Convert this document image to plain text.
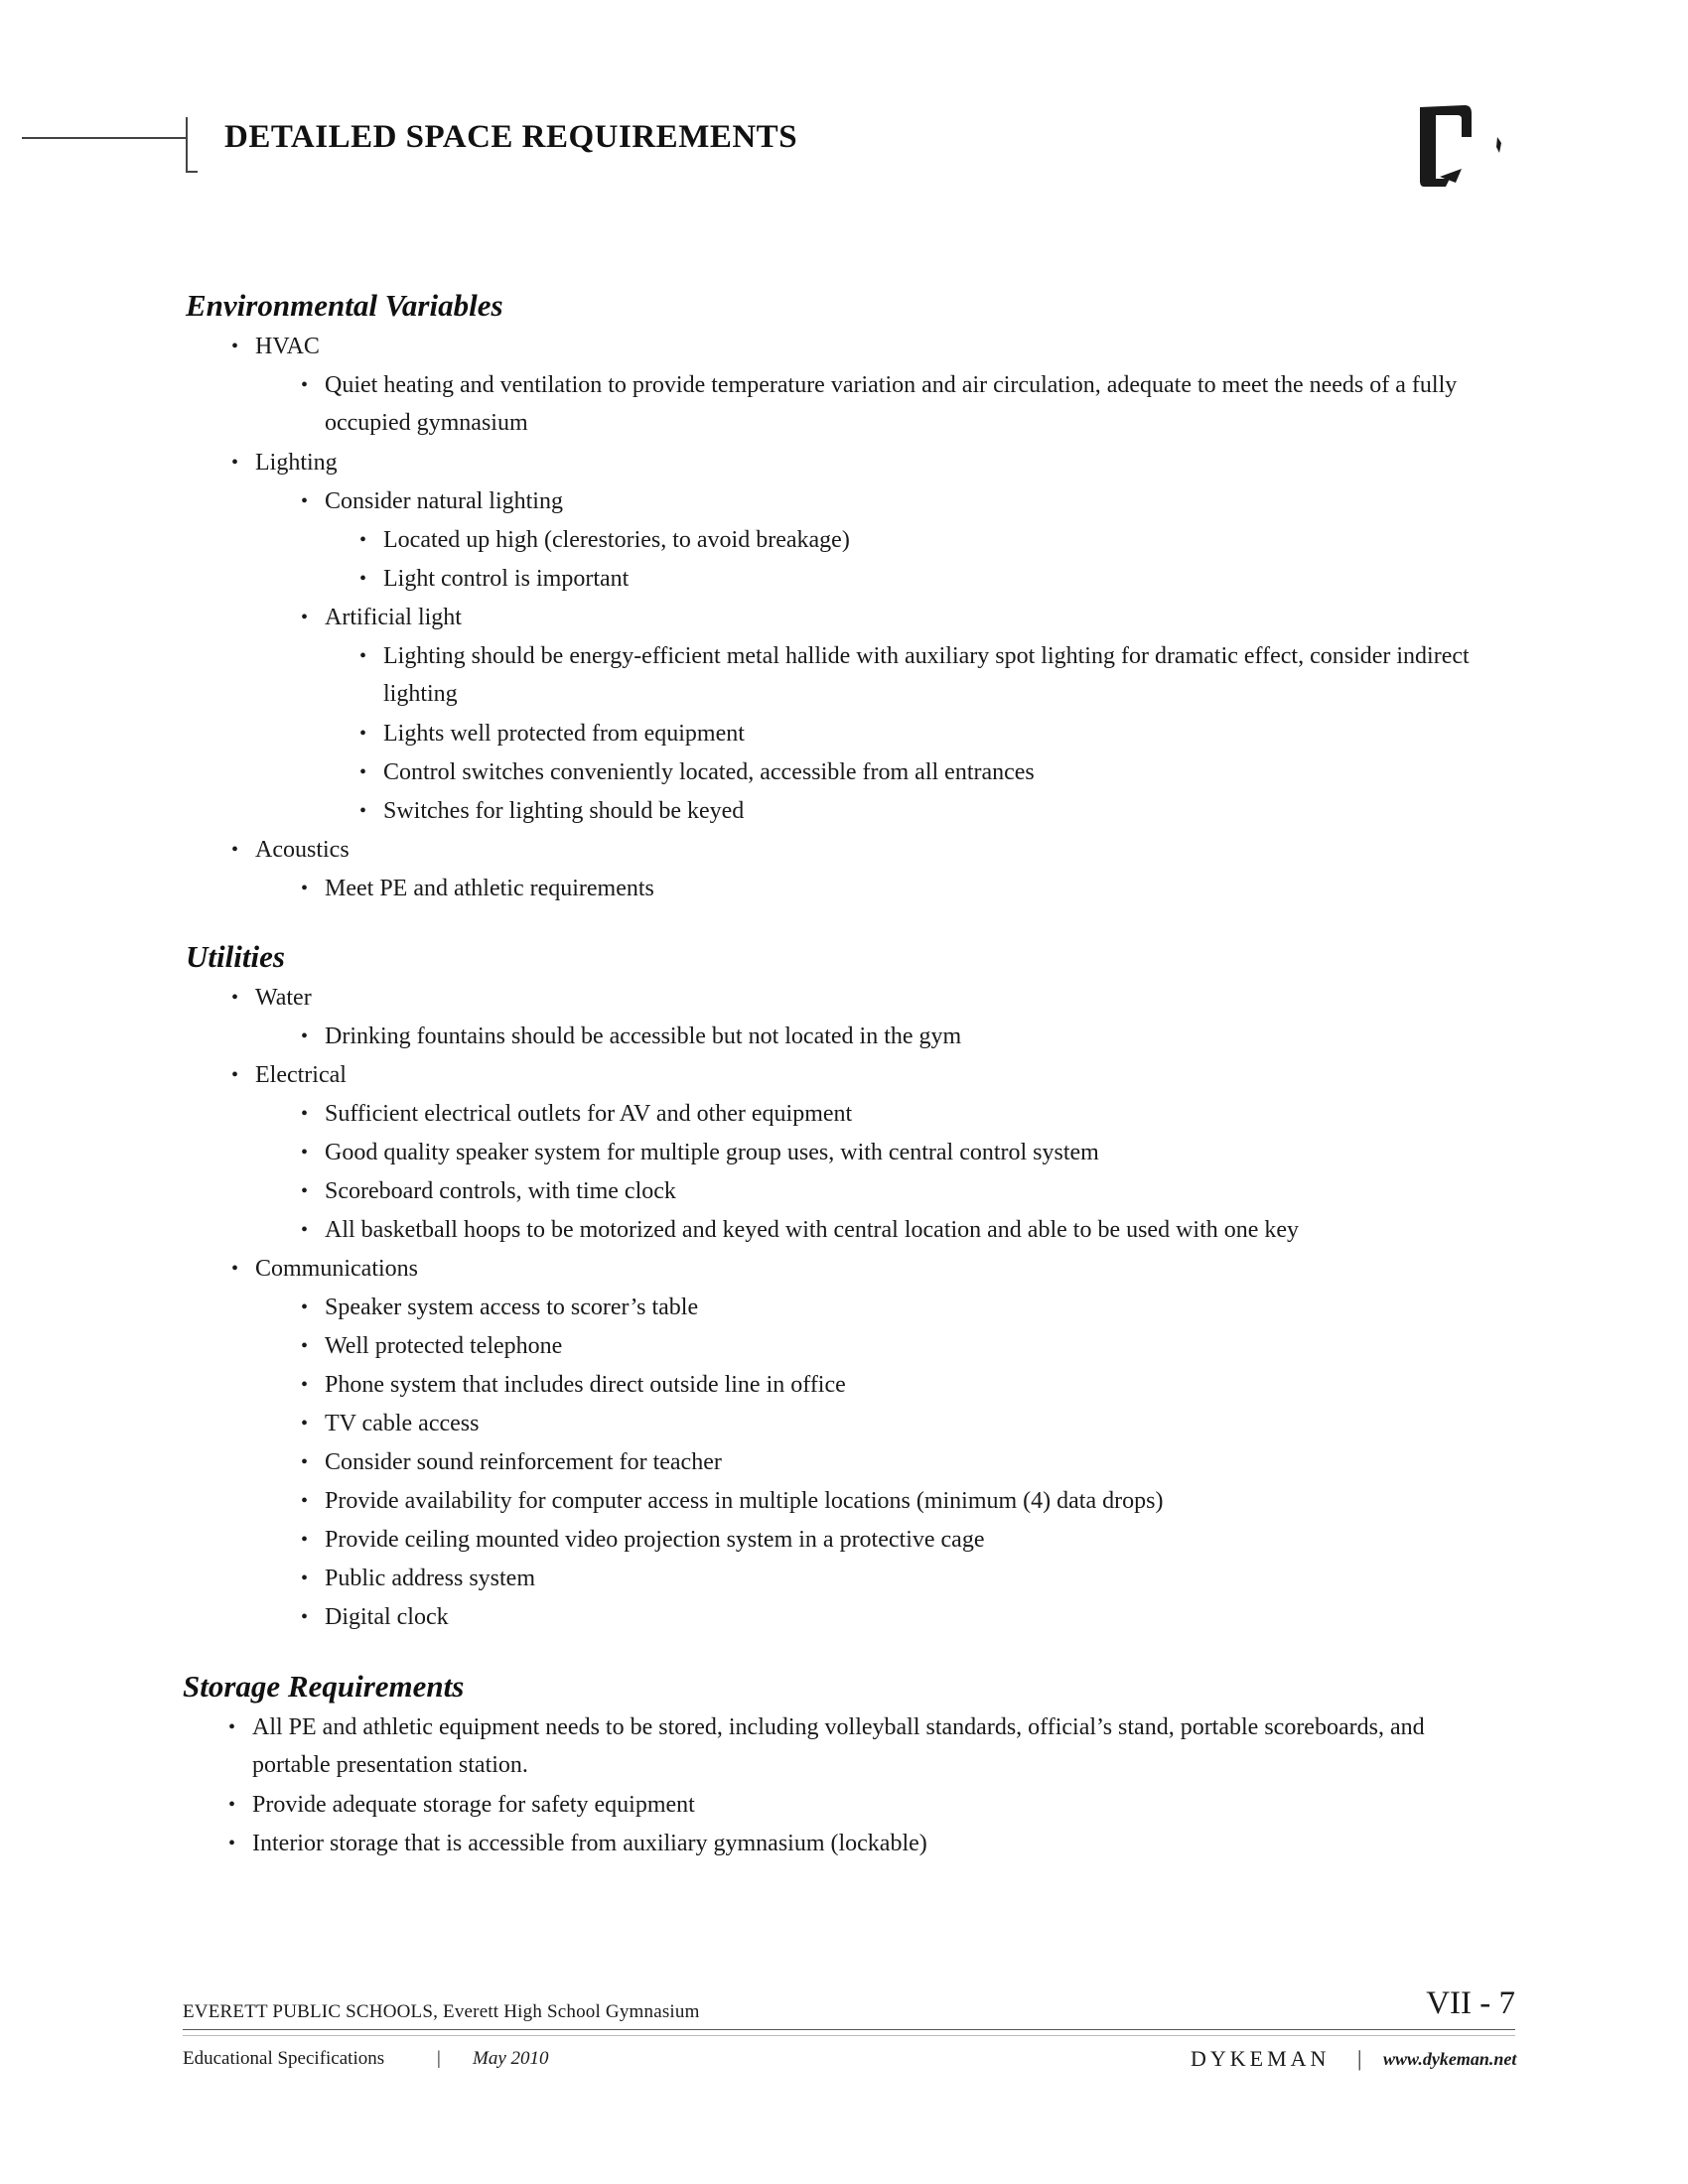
DETAILED SPACE REQUIREMENTS
Environmental Variables
• HVAC
• Quiet heating and ventilation to provide temperature variation and air circulation, adequate to meet the needs of a fully occupied gymnasium
• Lighting
• Consider natural lighting
• Located up high (clerestories, to avoid breakage)
• Light control is important
• Artificial light
• Lighting should be energy-efficient metal hallide with auxiliary spot lighting for dramatic effect, consider indirect lighting
• Lights well protected from equipment
• Control switches conveniently located, accessible from all entrances
• Switches for lighting should be keyed
• Acoustics
• Meet PE and athletic requirements
Utilities
• Water
• Drinking fountains should be accessible but not located in the gym
• Electrical
• Sufficient electrical outlets for AV and other equipment
• Good quality speaker system for multiple group uses, with central control system
• Scoreboard controls, with time clock
• All basketball hoops to be motorized and keyed with central location and able to be used with one key
• Communications
• Speaker system access to scorer’s table
• Well protected telephone
• Phone system that includes direct outside line in office
• TV cable access
• Consider sound reinforcement for teacher
• Provide availability for computer access in multiple locations (minimum (4) data drops)
• Provide ceiling mounted video projection system in a protective cage
• Public address system
• Digital clock
Storage Requirements
• All PE and athletic equipment needs to be stored, including volleyball standards, official’s stand, portable scoreboards, and portable presentation station.
• Provide adequate storage for safety equipment
• Interior storage that is accessible from auxiliary gymnasium (lockable)
EVERETT PUBLIC SCHOOLS, Everett High School Gymnasium	VII - 7
Educational Specifications	| May 2010	DYKEMAN | www.dykeman.net
